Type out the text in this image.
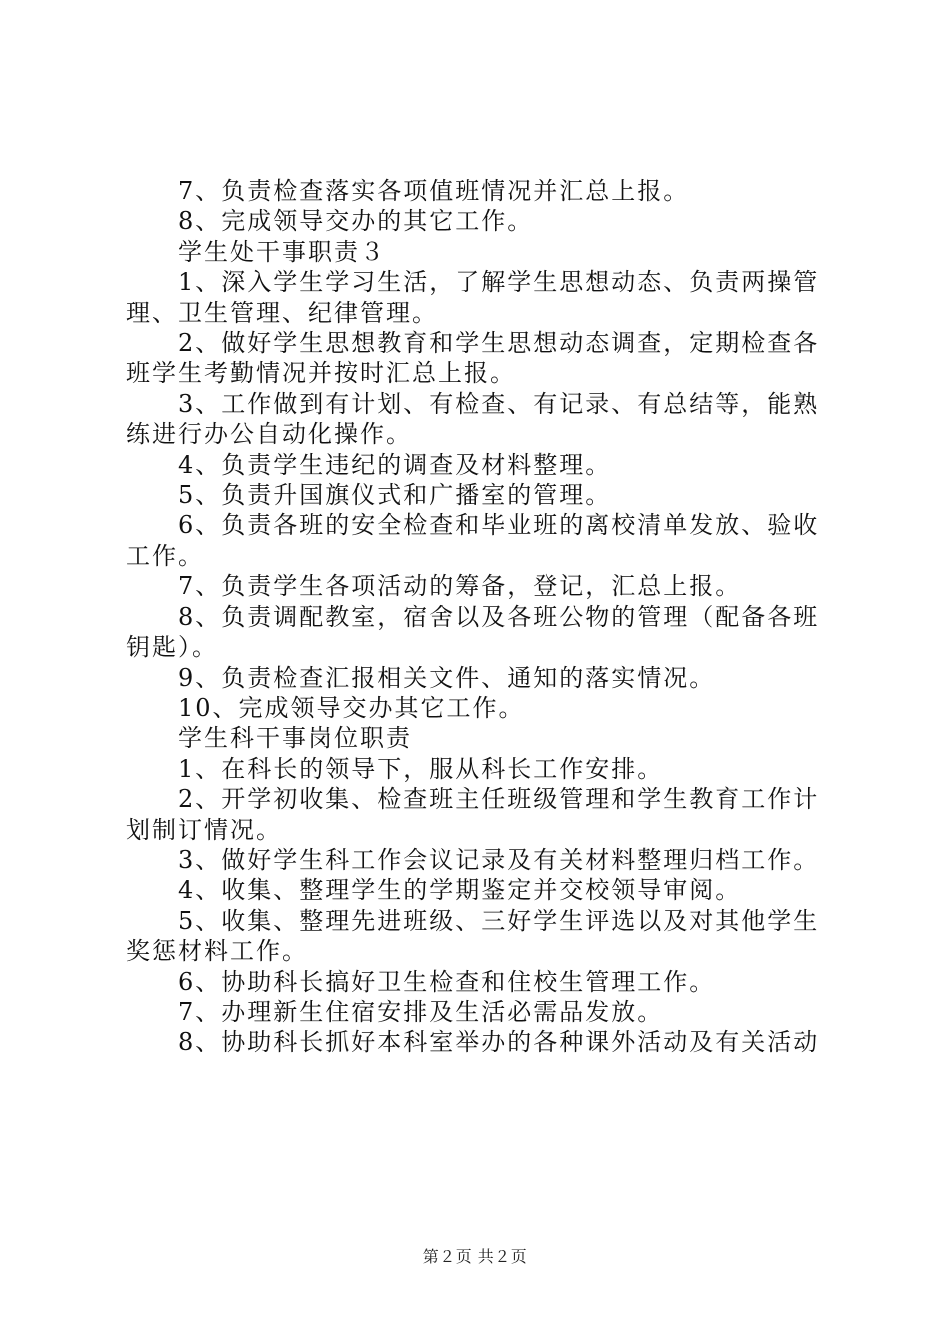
7、负责检查落实各项值班情况并汇总上报。

8、完成领导交办的其它工作。

学生处干事职责３

1、深入学生学习生活，了解学生思想动态、负责两操管理、卫生管理、纪律管理。

2、做好学生思想教育和学生思想动态调查，定期检查各班学生考勤情况并按时汇总上报。

3、工作做到有计划、有检查、有记录、有总结等，能熟练进行办公自动化操作。

4、负责学生违纪的调查及材料整理。

5、负责升国旗仪式和广播室的管理。

6、负责各班的安全检查和毕业班的离校清单发放、验收工作。

7、负责学生各项活动的筹备，登记，汇总上报。

8、负责调配教室，宿舍以及各班公物的管理（配备各班钥匙）。

9、负责检查汇报相关文件、通知的落实情况。

10、完成领导交办其它工作。

学生科干事岗位职责

1、在科长的领导下，服从科长工作安排。

2、开学初收集、检查班主任班级管理和学生教育工作计划制订情况。

3、做好学生科工作会议记录及有关材料整理归档工作。

4、收集、整理学生的学期鉴定并交校领导审阅。

5、收集、整理先进班级、三好学生评选以及对其他学生奖惩材料工作。

6、协助科长搞好卫生检查和住校生管理工作。

7、办理新生住宿安排及生活必需品发放。

8、协助科长抓好本科室举办的各种课外活动及有关活动

第２页 共２页
